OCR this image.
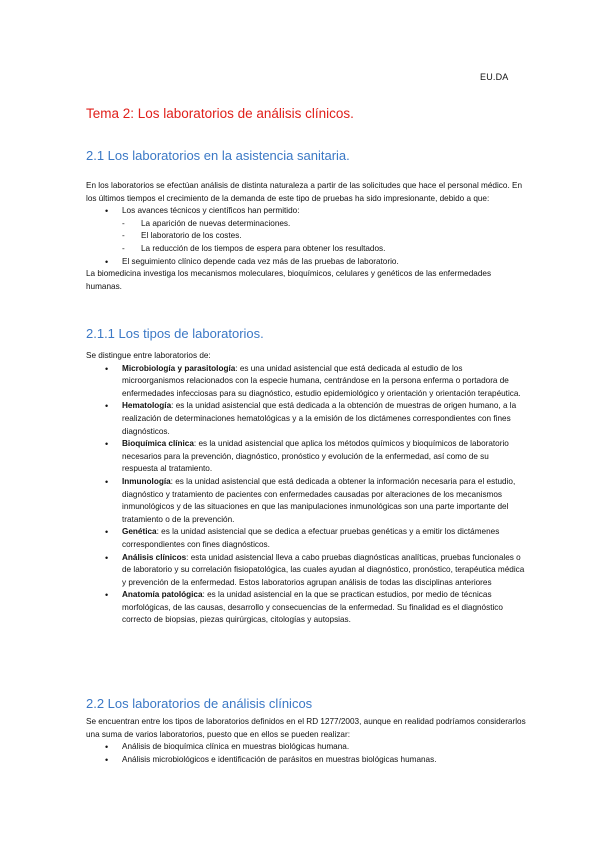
EU.DA
Tema 2: Los laboratorios de análisis clínicos.
2.1 Los laboratorios en la asistencia sanitaria.

En los laboratorios se efectúan análisis de distinta naturaleza a partir de las solicitudes que hace el personal médico. En los últimos tiempos el crecimiento de la demanda de este tipo de pruebas ha sido impresionante, debido a que:

• Los avances técnicos y científicos han permitido:
- La aparición de nuevas determinaciones.
- El laboratorio de los costes.
- La reducción de los tiempos de espera para obtener los resultados.
• El seguimiento clínico depende cada vez más de las pruebas de laboratorio.

La biomedicina investiga los mecanismos moleculares, bioquímicos, celulares y genéticos de las enfermedades humanas.

2.1.1 Los tipos de laboratorios.

Se distingue entre laboratorios de:

• Microbiología y parasitología: es una unidad asistencial que está dedicada al estudio de los microorganismos relacionados con la especie humana, centrándose en la persona enferma o portadora de enfermedades infecciosas para su diagnóstico, estudio epidemiológico y orientación y orientación terapéutica.
• Hematología: es la unidad asistencial que está dedicada a la obtención de muestras de origen humano, a la realización de determinaciones hematológicas y a la emisión de los dictámenes correspondientes con fines diagnósticos.
• Bioquímica clínica: es la unidad asistencial que aplica los métodos químicos y bioquímicos de laboratorio necesarios para la prevención, diagnóstico, pronóstico y evolución de la enfermedad, así como de su respuesta al tratamiento.
• Inmunología: es la unidad asistencial que está dedicada a obtener la información necesaria para el estudio, diagnóstico y tratamiento de pacientes con enfermedades causadas por alteraciones de los mecanismos inmunológicos y de las situaciones en que las manipulaciones inmunológicas son una parte importante del tratamiento o de la prevención.
• Genética: es la unidad asistencial que se dedica a efectuar pruebas genéticas y a emitir los dictámenes correspondientes con fines diagnósticos.
• Análisis clínicos: esta unidad asistencial lleva a cabo pruebas diagnósticas analíticas, pruebas funcionales o de laboratorio y su correlación fisiopatológica, las cuales ayudan al diagnóstico, pronóstico, terapéutica médica y prevención de la enfermedad. Estos laboratorios agrupan análisis de todas las disciplinas anteriores
• Anatomía patológica: es la unidad asistencial en la que se practican estudios, por medio de técnicas morfológicas, de las causas, desarrollo y consecuencias de la enfermedad. Su finalidad es el diagnóstico correcto de biopsias, piezas quirúrgicas, citologías y autopsias.
2.2 Los laboratorios de análisis clínicos

Se encuentran entre los tipos de laboratorios definidos en el RD 1277/2003, aunque en realidad podríamos considerarlos una suma de varios laboratorios, puesto que en ellos se pueden realizar:

• Análisis de bioquímica clínica en muestras biológicas humana.
• Análisis microbiológicos e identificación de parásitos en muestras biológicas humanas.
